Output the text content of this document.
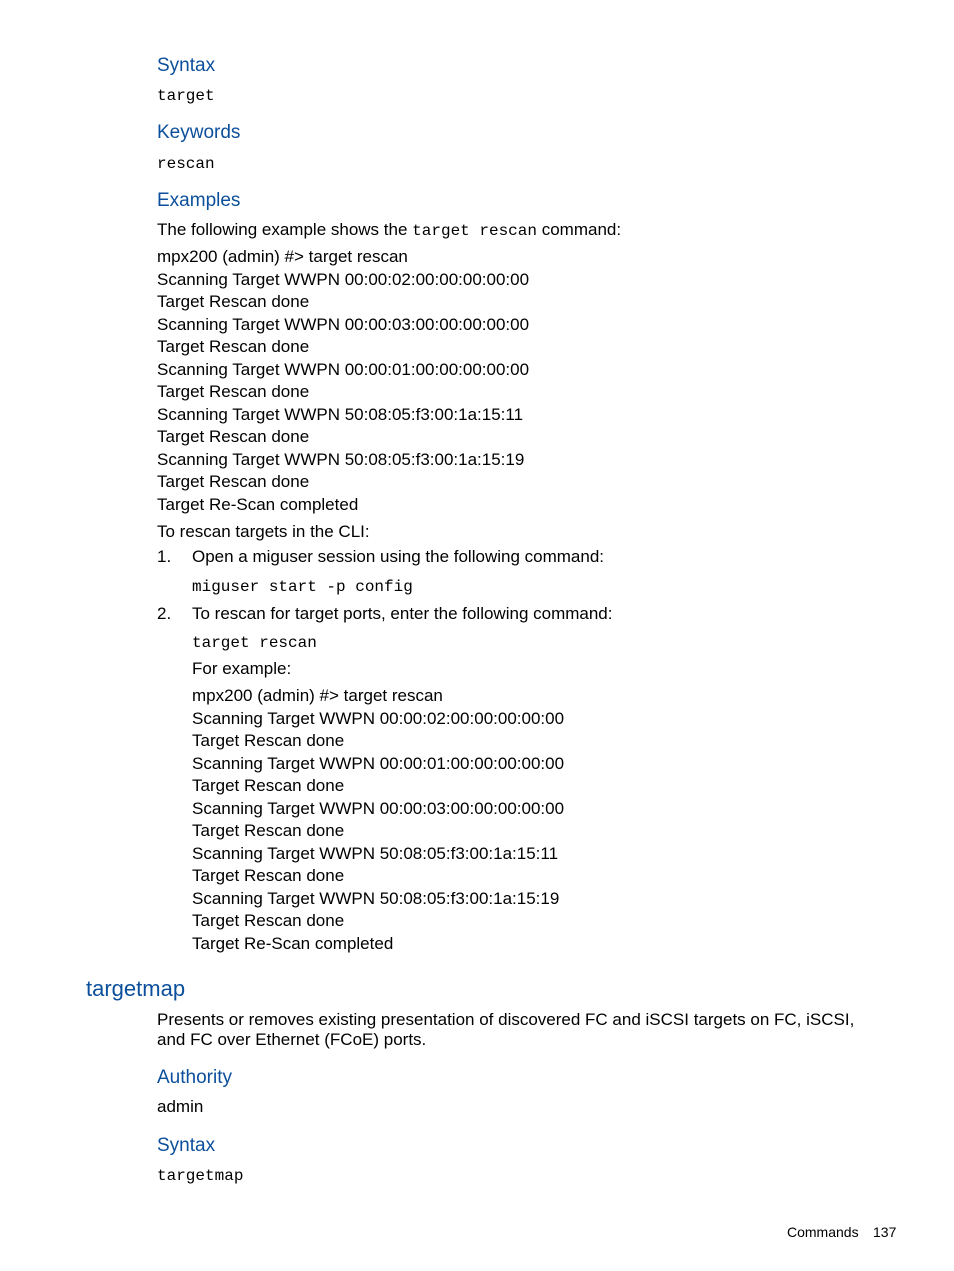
Syntax
target
Keywords
rescan
Examples
The following example shows the target rescan command:
mpx200 (admin) #> target rescan
Scanning Target WWPN 00:00:02:00:00:00:00:00
Target Rescan done
Scanning Target WWPN 00:00:03:00:00:00:00:00
Target Rescan done
Scanning Target WWPN 00:00:01:00:00:00:00:00
Target Rescan done
Scanning Target WWPN 50:08:05:f3:00:1a:15:11
Target Rescan done
Scanning Target WWPN 50:08:05:f3:00:1a:15:19
Target Rescan done
Target Re-Scan completed
To rescan targets in the CLI:
1. Open a miguser session using the following command:
miguser start -p config
2. To rescan for target ports, enter the following command:
target rescan
For example:
mpx200 (admin) #> target rescan
Scanning Target WWPN 00:00:02:00:00:00:00:00
Target Rescan done
Scanning Target WWPN 00:00:01:00:00:00:00:00
Target Rescan done
Scanning Target WWPN 00:00:03:00:00:00:00:00
Target Rescan done
Scanning Target WWPN 50:08:05:f3:00:1a:15:11
Target Rescan done
Scanning Target WWPN 50:08:05:f3:00:1a:15:19
Target Rescan done
Target Re-Scan completed
targetmap
Presents or removes existing presentation of discovered FC and iSCSI targets on FC, iSCSI, and FC over Ethernet (FCoE) ports.
Authority
admin
Syntax
targetmap
Commands 137
